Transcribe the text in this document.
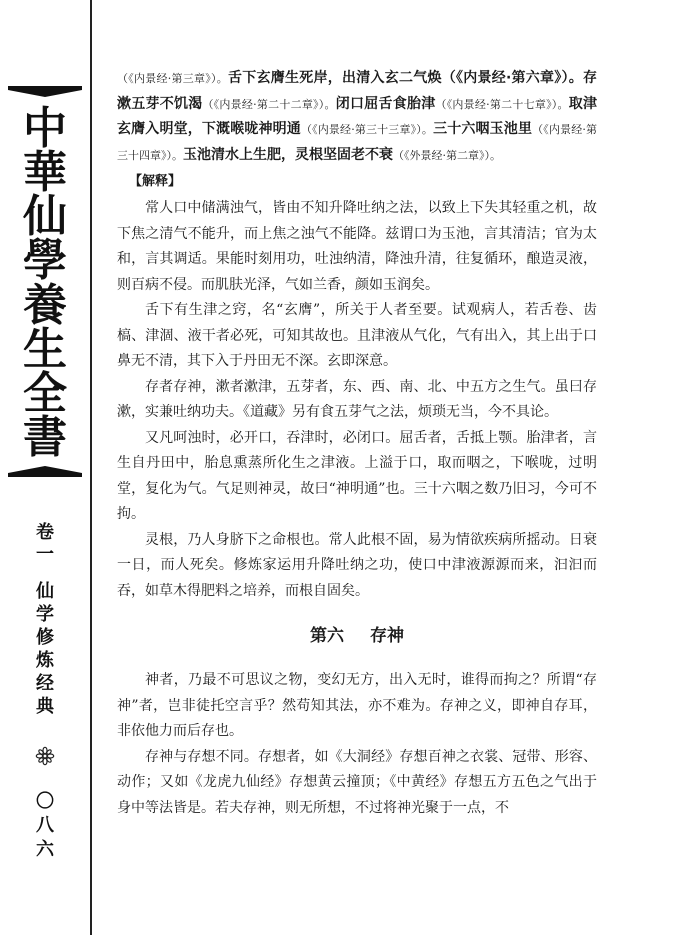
中
華
仙
學
養
生
全
書
卷
一
仙
学
修
炼
经
典
〇
八
六

（《内景经·第三章》）。舌下玄膺生死岸，出清入玄二气焕（《内景经·第六章》）。存漱五芽不饥渴（《内景经·第二十二章》）。闭口屈舌食胎津（《内景经·第二十七章》）。取津玄膺入明堂，下溉喉咙神明通（《内景经·第三十三章》）。三十六咽玉池里（《内景经·第三十四章》）。玉池清水上生肥，灵根坚固老不衰（《外景经·第二章》）。

【解释】

常人口中储满浊气，皆由不知升降吐纳之法，以致上下失其轻重之机，故下焦之清气不能升，而上焦之浊气不能降。兹谓口为玉池，言其清洁；官为太和，言其调适。果能时刻用功，吐浊纳清，降浊升清，往复循环，酿造灵液，则百病不侵。而肌肤光泽，气如兰香，颜如玉润矣。

舌下有生津之窍，名“玄膺”，所关于人者至要。试观病人，若舌卷、齿槁、津涸、液干者必死，可知其故也。且津液从气化，气有出入，其上出于口鼻无不清，其下入于丹田无不深。玄即深意。

存者存神，漱者漱津，五芽者，东、西、南、北、中五方之生气。虽曰存漱，实兼吐纳功夫。《道藏》另有食五芽气之法，烦琐无当，今不具论。

又凡呵浊时，必开口，吞津时，必闭口。屈舌者，舌抵上颚。胎津者，言生自丹田中，胎息熏蒸所化生之津液。上溢于口，取而咽之，下喉咙，过明堂，复化为气。气足则神灵，故曰“神明通”也。三十六咽之数乃旧习，今可不拘。

灵根，乃人身脐下之命根也。常人此根不固，易为情欲疾病所摇动。日衰一日，而人死矣。修炼家运用升降吐纳之功，使口中津液源源而来，汩汩而吞，如草木得肥料之培养，而根自固矣。

第六 存神

神者，乃最不可思议之物，变幻无方，出入无时，谁得而拘之？所谓“存神”者，岂非徒托空言乎？然苟知其法，亦不难为。存神之义，即神自存耳，非依他力而后存也。

存神与存想不同。存想者，如《大洞经》存想百神之衣裳、冠带、形容、动作；又如《龙虎九仙经》存想黄云撞顶；《中黄经》存想五方五色之气出于身中等法皆是。若夫存神，则无所想，不过将神光聚于一点，不
